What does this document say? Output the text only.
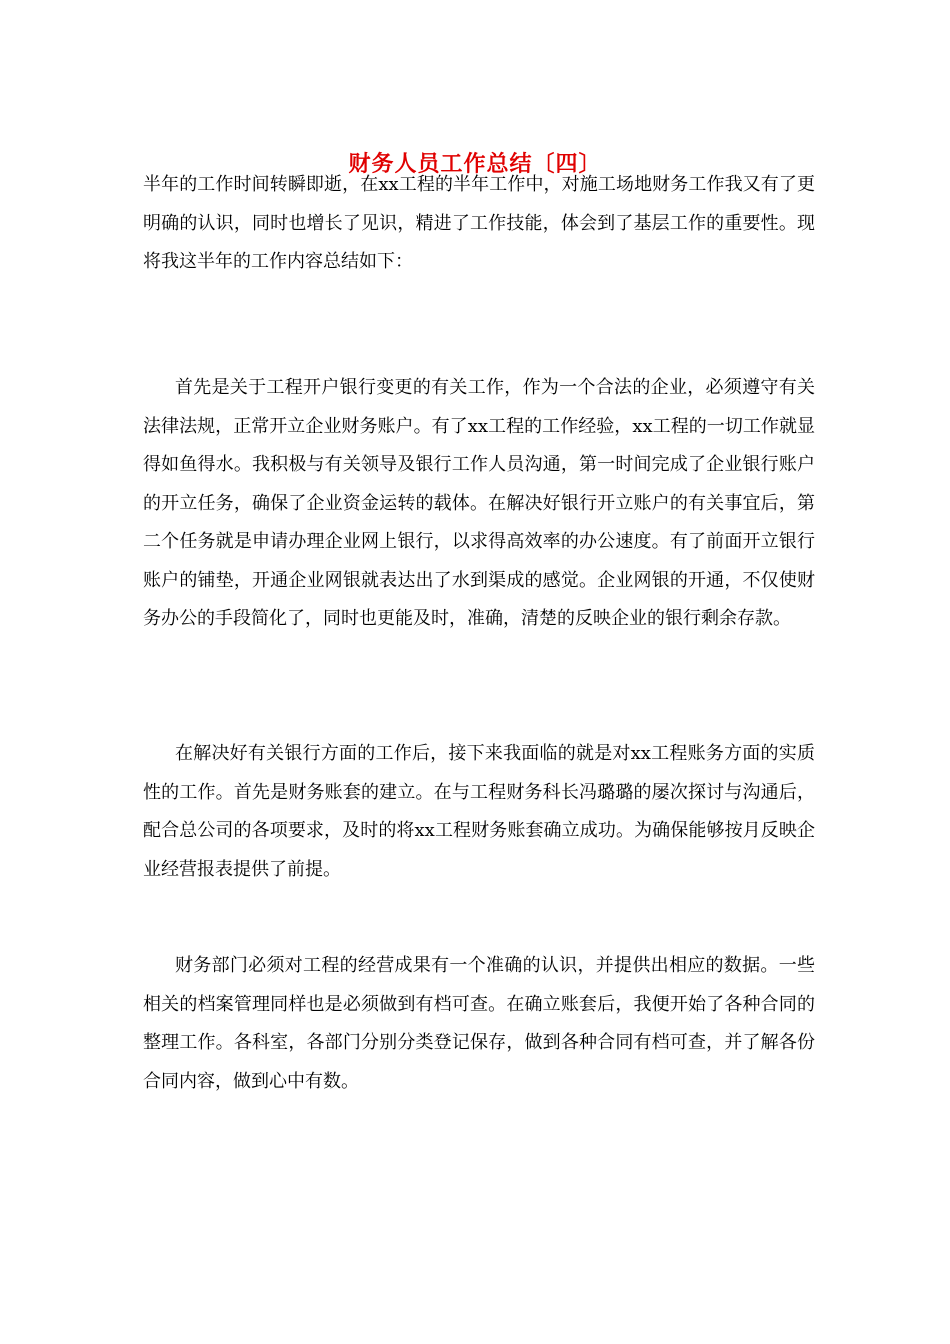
财务人员工作总结〔四〕

半年的工作时间转瞬即逝，在xx工程的半年工作中，对施工场地财务工作我又有了更明确的认识，同时也增长了见识，精进了工作技能，体会到了基层工作的重要性。现将我这半年的工作内容总结如下：

首先是关于工程开户银行变更的有关工作，作为一个合法的企业，必须遵守有关法律法规，正常开立企业财务账户。有了xx工程的工作经验，xx工程的一切工作就显得如鱼得水。我积极与有关领导及银行工作人员沟通，第一时间完成了企业银行账户的开立任务，确保了企业资金运转的载体。在解决好银行开立账户的有关事宜后，第二个任务就是申请办理企业网上银行，以求得高效率的办公速度。有了前面开立银行账户的铺垫，开通企业网银就表达出了水到渠成的感觉。企业网银的开通，不仅使财务办公的手段简化了，同时也更能及时，准确，清楚的反映企业的银行剩余存款。

在解决好有关银行方面的工作后，接下来我面临的就是对xx工程账务方面的实质性的工作。首先是财务账套的建立。在与工程财务科长冯璐璐的屡次探讨与沟通后，配合总公司的各项要求，及时的将xx工程财务账套确立成功。为确保能够按月反映企业经营报表提供了前提。

财务部门必须对工程的经营成果有一个准确的认识，并提供出相应的数据。一些相关的档案管理同样也是必须做到有档可查。在确立账套后，我便开始了各种合同的整理工作。各科室，各部门分别分类登记保存，做到各种合同有档可查，并了解各份合同内容，做到心中有数。
